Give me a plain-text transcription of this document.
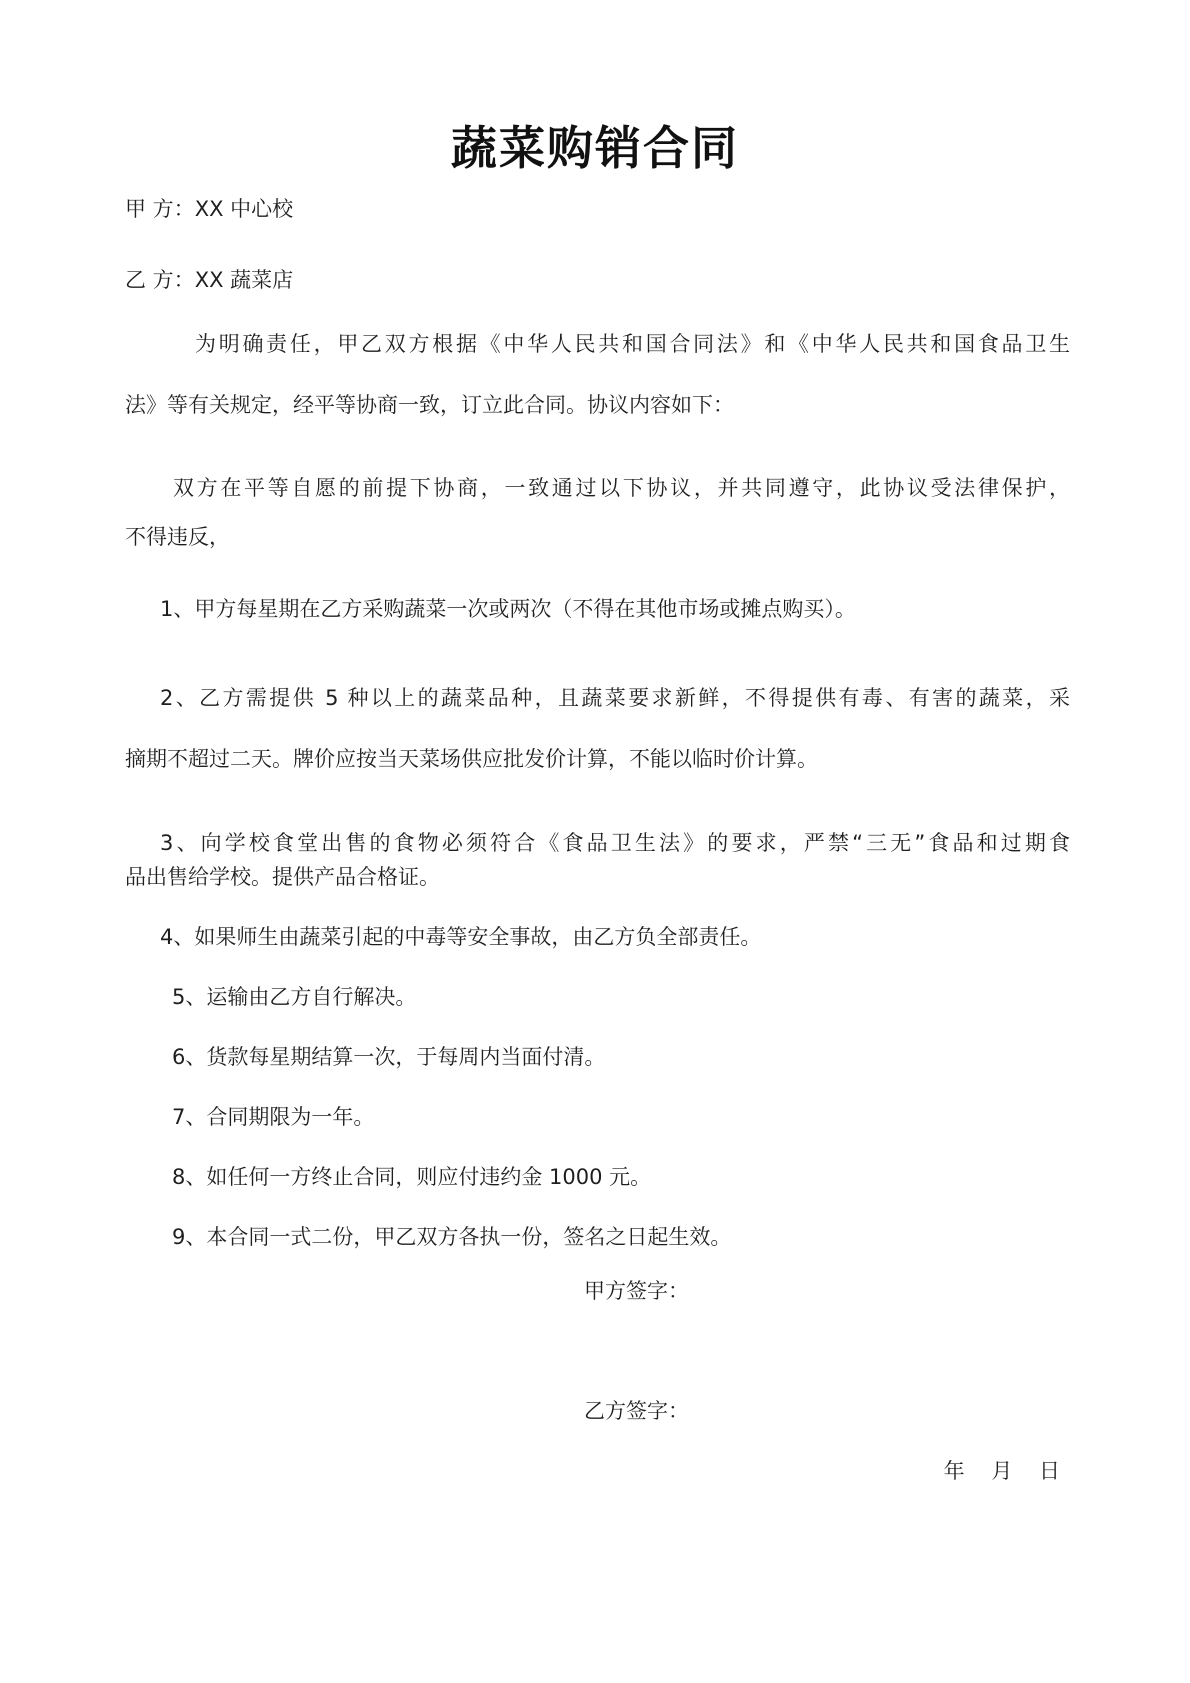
蔬菜购销合同
甲 方：XX 中心校
乙 方：XX 蔬菜店
为明确责任，甲乙双方根据《中华人民共和国合同法》和《中华人民共和国食品卫生
法》等有关规定，经平等协商一致，订立此合同。协议内容如下：
双方在平等自愿的前提下协商，一致通过以下协议，并共同遵守，此协议受法律保护，
不得违反，
1、甲方每星期在乙方采购蔬菜一次或两次（不得在其他市场或摊点购买）。
2、乙方需提供 5 种以上的蔬菜品种，且蔬菜要求新鲜，不得提供有毒、有害的蔬菜，采
摘期不超过二天。牌价应按当天菜场供应批发价计算，不能以临时价计算。
3、向学校食堂出售的食物必须符合《食品卫生法》的要求，严禁“三无”食品和过期食
品出售给学校。提供产品合格证。
4、如果师生由蔬菜引起的中毒等安全事故，由乙方负全部责任。
5、运输由乙方自行解决。
6、货款每星期结算一次，于每周内当面付清。
7、合同期限为一年。
8、如任何一方终止合同，则应付违约金 1000 元。
9、本合同一式二份，甲乙双方各执一份，签名之日起生效。
甲方签字：
乙方签字：
年 月 日
